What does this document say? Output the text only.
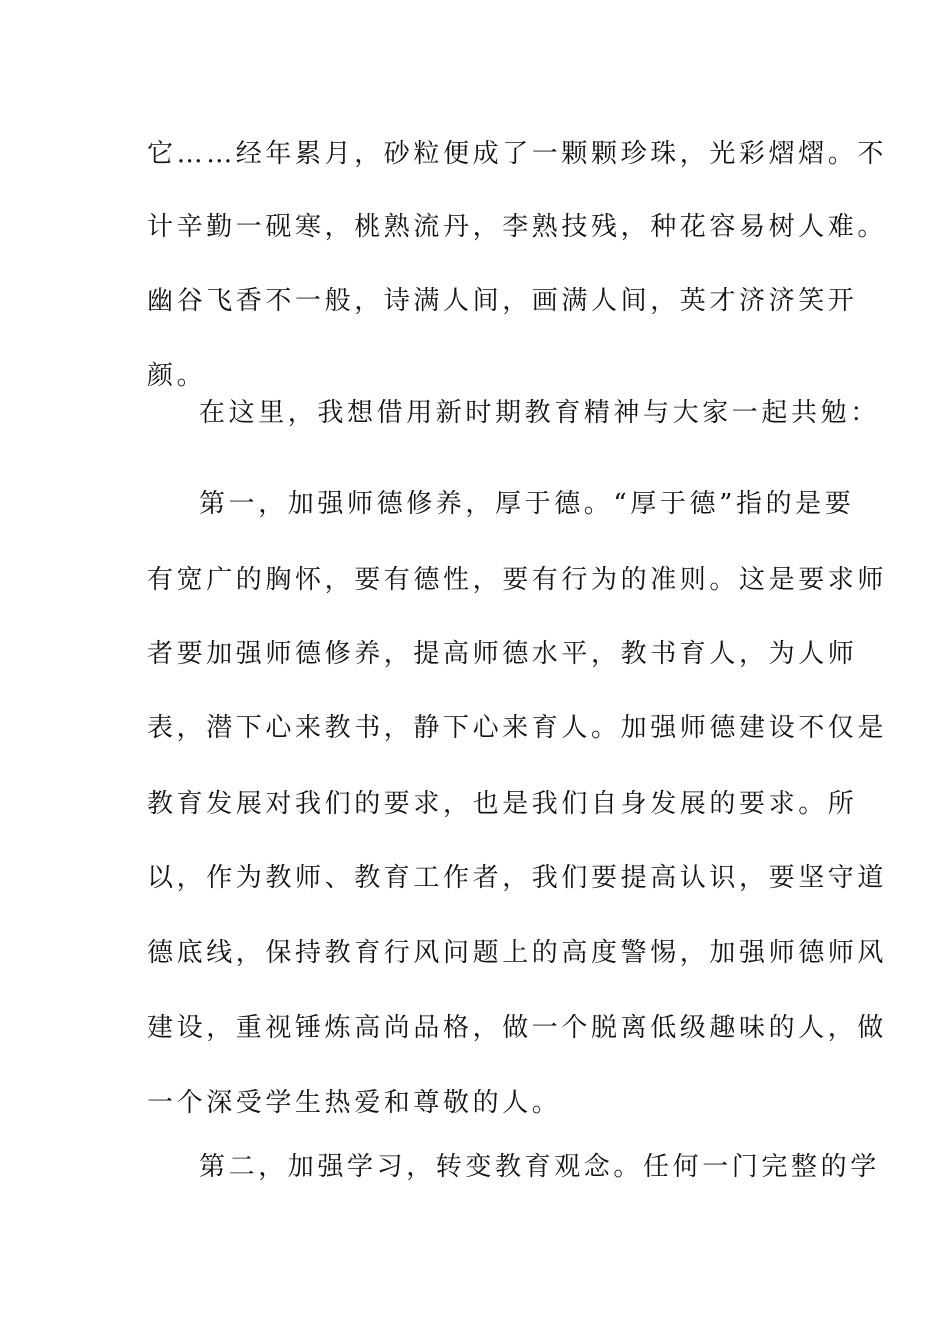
它……经年累月，砂粒便成了一颗颗珍珠，光彩熠熠。不
计辛勤一砚寒，桃熟流丹，李熟技残，种花容易树人难。
幽谷飞香不一般，诗满人间，画满人间，英才济济笑开
颜。
在这里，我想借用新时期教育精神与大家一起共勉：
第一，加强师德修养，厚于德。“厚于德”指的是要
有宽广的胸怀，要有德性，要有行为的准则。这是要求师
者要加强师德修养，提高师德水平，教书育人，为人师
表，潜下心来教书，静下心来育人。加强师德建设不仅是
教育发展对我们的要求，也是我们自身发展的要求。所
以，作为教师、教育工作者，我们要提高认识，要坚守道
德底线，保持教育行风问题上的高度警惕，加强师德师风
建设，重视锤炼高尚品格，做一个脱离低级趣味的人，做
一个深受学生热爱和尊敬的人。
第二，加强学习，转变教育观念。任何一门完整的学
